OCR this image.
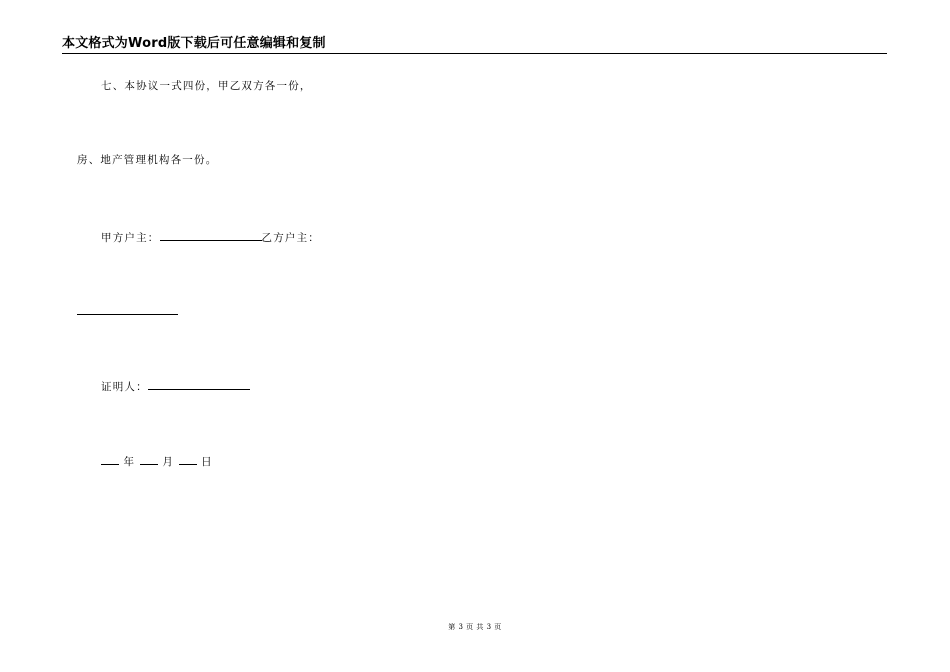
本文格式为Word版下载后可任意编辑和复制
七、本协议一式四份，甲乙双方各一份，
房、地产管理机构各一份。
甲方户主：	乙方户主：
证明人：
年	月	日
第 3 页 共 3 页
